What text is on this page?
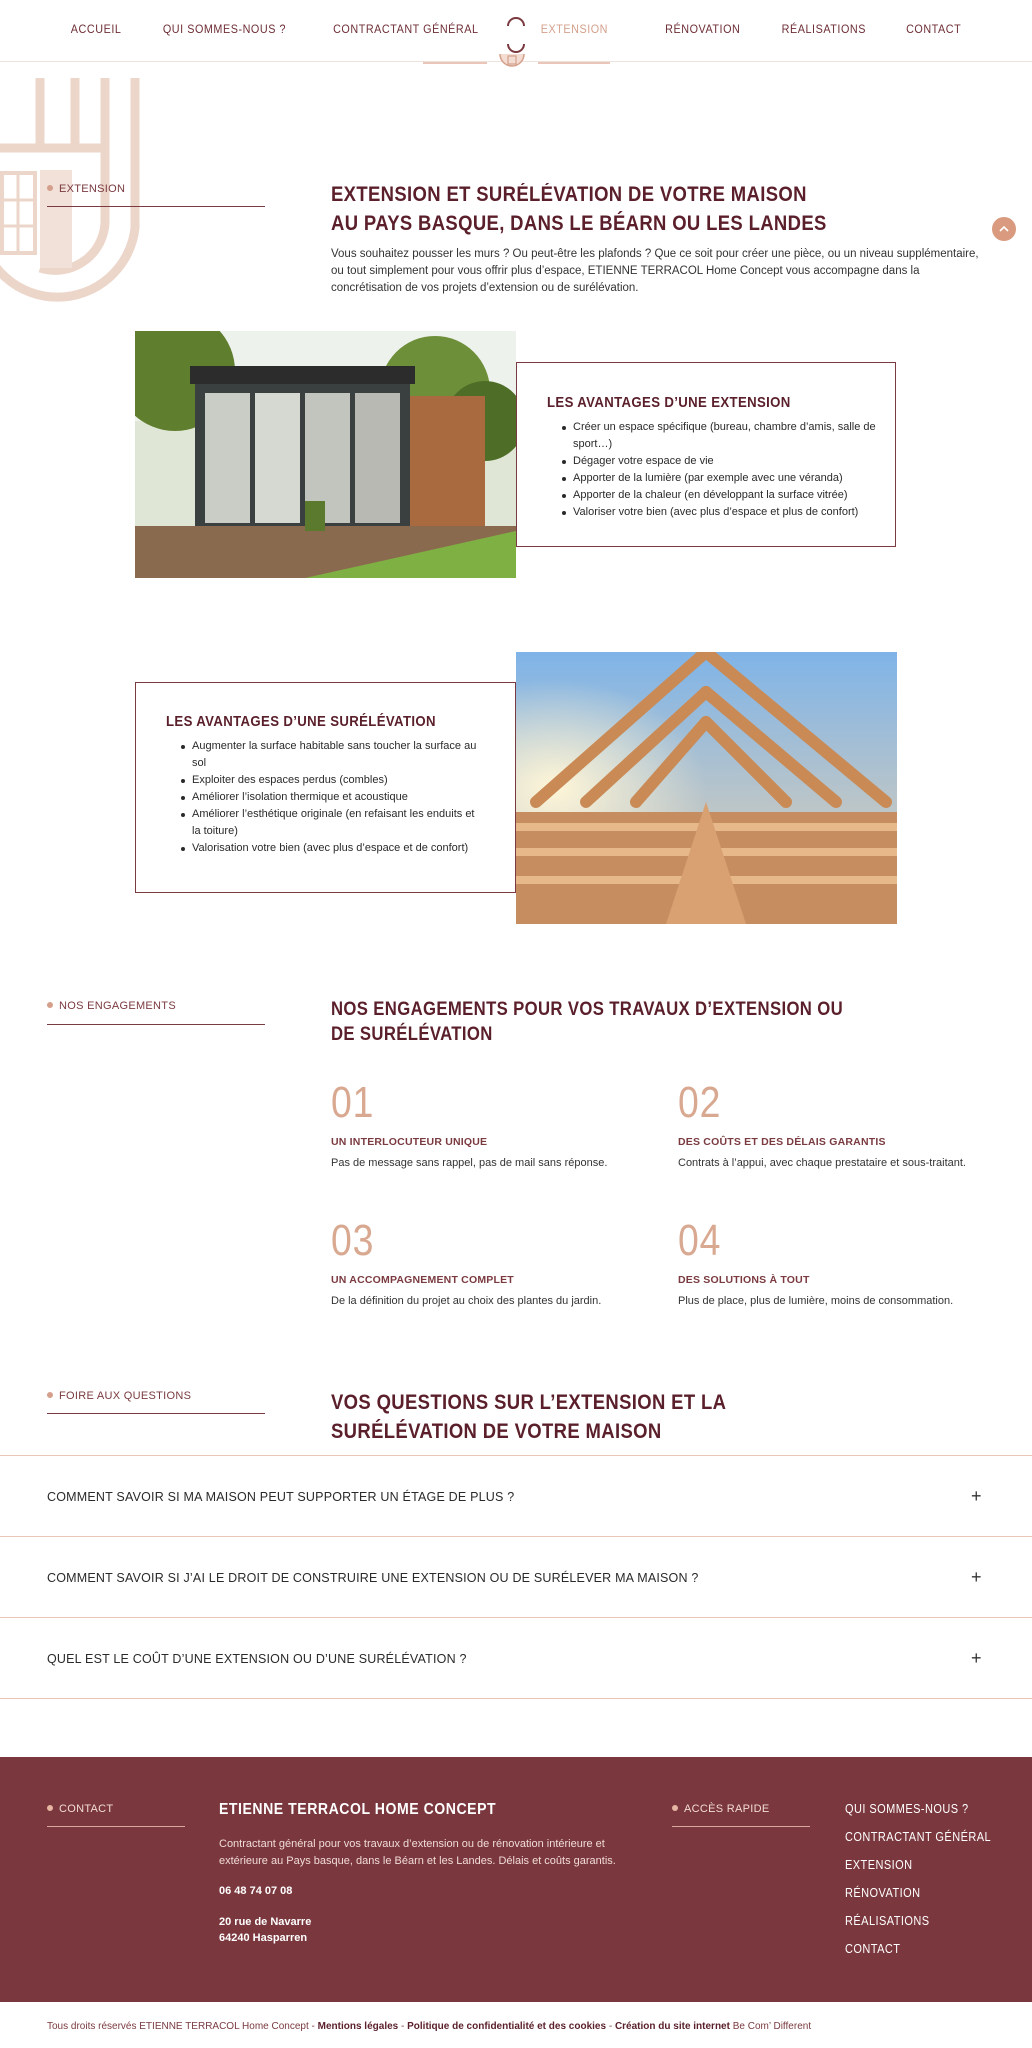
ACCUEIL	QUI SOMMES-NOUS ?	CONTRACTANT GÉNÉRAL	EXTENSION	RÉNOVATION	RÉALISATIONS	CONTACT
EXTENSION	EXTENSION ET SURÉLÉVATION DE VOTRE MAISON
AU PAYS BASQUE, DANS LE BÉARN OU LES LANDES

Vous souhaitez pousser les murs ? Ou peut-être les plafonds ? Que ce soit pour créer une pièce, ou un niveau supplémentaire, ou tout simplement pour vous offrir plus d’espace, ETIENNE TERRACOL Home Concept vous accompagne dans la concrétisation de vos projets d’extension ou de surélévation.

LES AVANTAGES D’UNE EXTENSION
Créer un espace spécifique (bureau, chambre d’amis, salle de sport…)
Dégager votre espace de vie
Apporter de la lumière (par exemple avec une véranda)
Apporter de la chaleur (en développant la surface vitrée)
Valoriser votre bien (avec plus d’espace et plus de confort)
LES AVANTAGES D’UNE SURÉLÉVATION
Augmenter la surface habitable sans toucher la surface au sol
Exploiter des espaces perdus (combles)
Améliorer l’isolation thermique et acoustique
Améliorer l’esthétique originale (en refaisant les enduits et la toiture)
Valorisation votre bien (avec plus d’espace et de confort)
NOS ENGAGEMENTS	NOS ENGAGEMENTS POUR VOS TRAVAUX D’EXTENSION OU
DE SURÉLÉVATION
01
UN INTERLOCUTEUR UNIQUE
Pas de message sans rappel, pas de mail sans réponse.
02
DES COÛTS ET DES DÉLAIS GARANTIS
Contrats à l’appui, avec chaque prestataire et sous-traitant.
03
UN ACCOMPAGNEMENT COMPLET
De la définition du projet au choix des plantes du jardin.
04
DES SOLUTIONS À TOUT
Plus de place, plus de lumière, moins de consommation.
FOIRE AUX QUESTIONS	VOS QUESTIONS SUR L’EXTENSION ET LA
SURÉLÉVATION DE VOTRE MAISON
COMMENT SAVOIR SI MA MAISON PEUT SUPPORTER UN ÉTAGE DE PLUS ?	+
COMMENT SAVOIR SI J’AI LE DROIT DE CONSTRUIRE UNE EXTENSION OU DE SURÉLEVER MA MAISON ?	+
QUEL EST LE COÛT D’UNE EXTENSION OU D’UNE SURÉLÉVATION ?	+
CONTACT	ETIENNE TERRACOL HOME CONCEPT
Contractant général pour vos travaux d’extension ou de rénovation intérieure et extérieure au Pays basque, dans le Béarn et les Landes. Délais et coûts garantis.
06 48 74 07 08
20 rue de Navarre
64240 Hasparren
ACCÈS RAPIDE	QUI SOMMES-NOUS ?
CONTRACTANT GÉNÉRAL
EXTENSION
RÉNOVATION
RÉALISATIONS
CONTACT
Tous droits réservés ETIENNE TERRACOL Home Concept - Mentions légales - Politique de confidentialité et des cookies - Création du site internet Be Com’ Different
